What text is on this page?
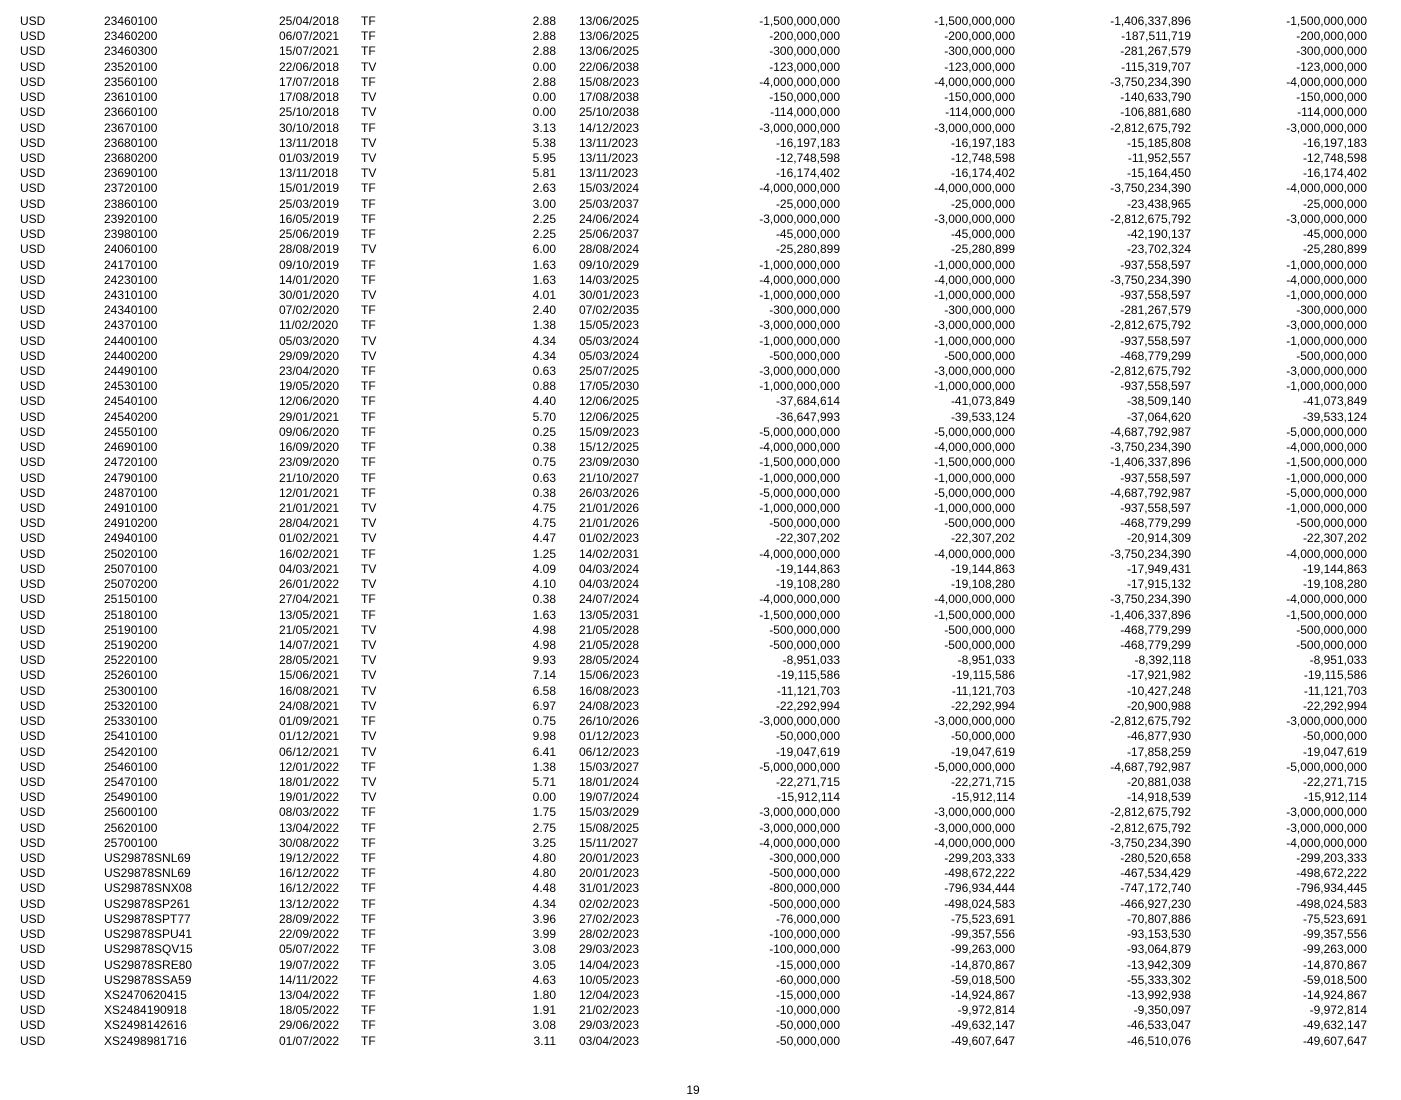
USD	23460100	25/04/2018 TF	2.88 13/06/2025	-1,500,000,000	-1,500,000,000	-1,406,337,896	-1,500,000,000
USD	23460200	06/07/2021 TF	2.88 13/06/2025	-200,000,000	-200,000,000	-187,511,719	-200,000,000
USD	23460300	15/07/2021 TF	2.88 13/06/2025	-300,000,000	-300,000,000	-281,267,579	-300,000,000
USD	23520100	22/06/2018 TV	0.00 22/06/2038	-123,000,000	-123,000,000	-115,319,707	-123,000,000
USD	23560100	17/07/2018 TF	2.88 15/08/2023	-4,000,000,000	-4,000,000,000	-3,750,234,390	-4,000,000,000
USD	23610100	17/08/2018 TV	0.00 17/08/2038	-150,000,000	-150,000,000	-140,633,790	-150,000,000
USD	23660100	25/10/2018 TV	0.00 25/10/2038	-114,000,000	-114,000,000	-106,881,680	-114,000,000
USD	23670100	30/10/2018 TF	3.13 14/12/2023	-3,000,000,000	-3,000,000,000	-2,812,675,792	-3,000,000,000
USD	23680100	13/11/2018 TV	5.38 13/11/2023	-16,197,183	-16,197,183	-15,185,808	-16,197,183
USD	23680200	01/03/2019 TV	5.95 13/11/2023	-12,748,598	-12,748,598	-11,952,557	-12,748,598
USD	23690100	13/11/2018 TV	5.81 13/11/2023	-16,174,402	-16,174,402	-15,164,450	-16,174,402
USD	23720100	15/01/2019 TF	2.63 15/03/2024	-4,000,000,000	-4,000,000,000	-3,750,234,390	-4,000,000,000
USD	23860100	25/03/2019 TF	3.00 25/03/2037	-25,000,000	-25,000,000	-23,438,965	-25,000,000
USD	23920100	16/05/2019 TF	2.25 24/06/2024	-3,000,000,000	-3,000,000,000	-2,812,675,792	-3,000,000,000
USD	23980100	25/06/2019 TF	2.25 25/06/2037	-45,000,000	-45,000,000	-42,190,137	-45,000,000
USD	24060100	28/08/2019 TV	6.00 28/08/2024	-25,280,899	-25,280,899	-23,702,324	-25,280,899
USD	24170100	09/10/2019 TF	1.63 09/10/2029	-1,000,000,000	-1,000,000,000	-937,558,597	-1,000,000,000
USD	24230100	14/01/2020 TF	1.63 14/03/2025	-4,000,000,000	-4,000,000,000	-3,750,234,390	-4,000,000,000
USD	24310100	30/01/2020 TV	4.01 30/01/2023	-1,000,000,000	-1,000,000,000	-937,558,597	-1,000,000,000
USD	24340100	07/02/2020 TF	2.40 07/02/2035	-300,000,000	-300,000,000	-281,267,579	-300,000,000
USD	24370100	11/02/2020 TF	1.38 15/05/2023	-3,000,000,000	-3,000,000,000	-2,812,675,792	-3,000,000,000
USD	24400100	05/03/2020 TV	4.34 05/03/2024	-1,000,000,000	-1,000,000,000	-937,558,597	-1,000,000,000
USD	24400200	29/09/2020 TV	4.34 05/03/2024	-500,000,000	-500,000,000	-468,779,299	-500,000,000
USD	24490100	23/04/2020 TF	0.63 25/07/2025	-3,000,000,000	-3,000,000,000	-2,812,675,792	-3,000,000,000
USD	24530100	19/05/2020 TF	0.88 17/05/2030	-1,000,000,000	-1,000,000,000	-937,558,597	-1,000,000,000
USD	24540100	12/06/2020 TF	4.40 12/06/2025	-37,684,614	-41,073,849	-38,509,140	-41,073,849
USD	24540200	29/01/2021 TF	5.70 12/06/2025	-36,647,993	-39,533,124	-37,064,620	-39,533,124
USD	24550100	09/06/2020 TF	0.25 15/09/2023	-5,000,000,000	-5,000,000,000	-4,687,792,987	-5,000,000,000
USD	24690100	16/09/2020 TF	0.38 15/12/2025	-4,000,000,000	-4,000,000,000	-3,750,234,390	-4,000,000,000
USD	24720100	23/09/2020 TF	0.75 23/09/2030	-1,500,000,000	-1,500,000,000	-1,406,337,896	-1,500,000,000
USD	24790100	21/10/2020 TF	0.63 21/10/2027	-1,000,000,000	-1,000,000,000	-937,558,597	-1,000,000,000
USD	24870100	12/01/2021 TF	0.38 26/03/2026	-5,000,000,000	-5,000,000,000	-4,687,792,987	-5,000,000,000
USD	24910100	21/01/2021 TV	4.75 21/01/2026	-1,000,000,000	-1,000,000,000	-937,558,597	-1,000,000,000
USD	24910200	28/04/2021 TV	4.75 21/01/2026	-500,000,000	-500,000,000	-468,779,299	-500,000,000
USD	24940100	01/02/2021 TV	4.47 01/02/2023	-22,307,202	-22,307,202	-20,914,309	-22,307,202
USD	25020100	16/02/2021 TF	1.25 14/02/2031	-4,000,000,000	-4,000,000,000	-3,750,234,390	-4,000,000,000
USD	25070100	04/03/2021 TV	4.09 04/03/2024	-19,144,863	-19,144,863	-17,949,431	-19,144,863
USD	25070200	26/01/2022 TV	4.10 04/03/2024	-19,108,280	-19,108,280	-17,915,132	-19,108,280
USD	25150100	27/04/2021 TF	0.38 24/07/2024	-4,000,000,000	-4,000,000,000	-3,750,234,390	-4,000,000,000
USD	25180100	13/05/2021 TF	1.63 13/05/2031	-1,500,000,000	-1,500,000,000	-1,406,337,896	-1,500,000,000
USD	25190100	21/05/2021 TV	4.98 21/05/2028	-500,000,000	-500,000,000	-468,779,299	-500,000,000
USD	25190200	14/07/2021 TV	4.98 21/05/2028	-500,000,000	-500,000,000	-468,779,299	-500,000,000
USD	25220100	28/05/2021 TV	9.93 28/05/2024	-8,951,033	-8,951,033	-8,392,118	-8,951,033
USD	25260100	15/06/2021 TV	7.14 15/06/2023	-19,115,586	-19,115,586	-17,921,982	-19,115,586
USD	25300100	16/08/2021 TV	6.58 16/08/2023	-11,121,703	-11,121,703	-10,427,248	-11,121,703
USD	25320100	24/08/2021 TV	6.97 24/08/2023	-22,292,994	-22,292,994	-20,900,988	-22,292,994
USD	25330100	01/09/2021 TF	0.75 26/10/2026	-3,000,000,000	-3,000,000,000	-2,812,675,792	-3,000,000,000
USD	25410100	01/12/2021 TV	9.98 01/12/2023	-50,000,000	-50,000,000	-46,877,930	-50,000,000
USD	25420100	06/12/2021 TV	6.41 06/12/2023	-19,047,619	-19,047,619	-17,858,259	-19,047,619
USD	25460100	12/01/2022 TF	1.38 15/03/2027	-5,000,000,000	-5,000,000,000	-4,687,792,987	-5,000,000,000
USD	25470100	18/01/2022 TV	5.71 18/01/2024	-22,271,715	-22,271,715	-20,881,038	-22,271,715
USD	25490100	19/01/2022 TV	0.00 19/07/2024	-15,912,114	-15,912,114	-14,918,539	-15,912,114
USD	25600100	08/03/2022 TF	1.75 15/03/2029	-3,000,000,000	-3,000,000,000	-2,812,675,792	-3,000,000,000
USD	25620100	13/04/2022 TF	2.75 15/08/2025	-3,000,000,000	-3,000,000,000	-2,812,675,792	-3,000,000,000
USD	25700100	30/08/2022 TF	3.25 15/11/2027	-4,000,000,000	-4,000,000,000	-3,750,234,390	-4,000,000,000
USD	US29878SNL69	19/12/2022 TF	4.80 20/01/2023	-300,000,000	-299,203,333	-280,520,658	-299,203,333
USD	US29878SNL69	16/12/2022 TF	4.80 20/01/2023	-500,000,000	-498,672,222	-467,534,429	-498,672,222
USD	US29878SNX08	16/12/2022 TF	4.48 31/01/2023	-800,000,000	-796,934,444	-747,172,740	-796,934,445
USD	US29878SP261	13/12/2022 TF	4.34 02/02/2023	-500,000,000	-498,024,583	-466,927,230	-498,024,583
USD	US29878SPT77	28/09/2022 TF	3.96 27/02/2023	-76,000,000	-75,523,691	-70,807,886	-75,523,691
USD	US29878SPU41	22/09/2022 TF	3.99 28/02/2023	-100,000,000	-99,357,556	-93,153,530	-99,357,556
USD	US29878SQV15	05/07/2022 TF	3.08 29/03/2023	-100,000,000	-99,263,000	-93,064,879	-99,263,000
USD	US29878SRE80	19/07/2022 TF	3.05 14/04/2023	-15,000,000	-14,870,867	-13,942,309	-14,870,867
USD	US29878SSA59	14/11/2022 TF	4.63 10/05/2023	-60,000,000	-59,018,500	-55,333,302	-59,018,500
USD	XS2470620415	13/04/2022 TF	1.80 12/04/2023	-15,000,000	-14,924,867	-13,992,938	-14,924,867
USD	XS2484190918	18/05/2022 TF	1.91 21/02/2023	-10,000,000	-9,972,814	-9,350,097	-9,972,814
USD	XS2498142616	29/06/2022 TF	3.08 29/03/2023	-50,000,000	-49,632,147	-46,533,047	-49,632,147
USD	XS2498981716	01/07/2022 TF	3.11 03/04/2023	-50,000,000	-49,607,647	-46,510,076	-49,607,647
19
